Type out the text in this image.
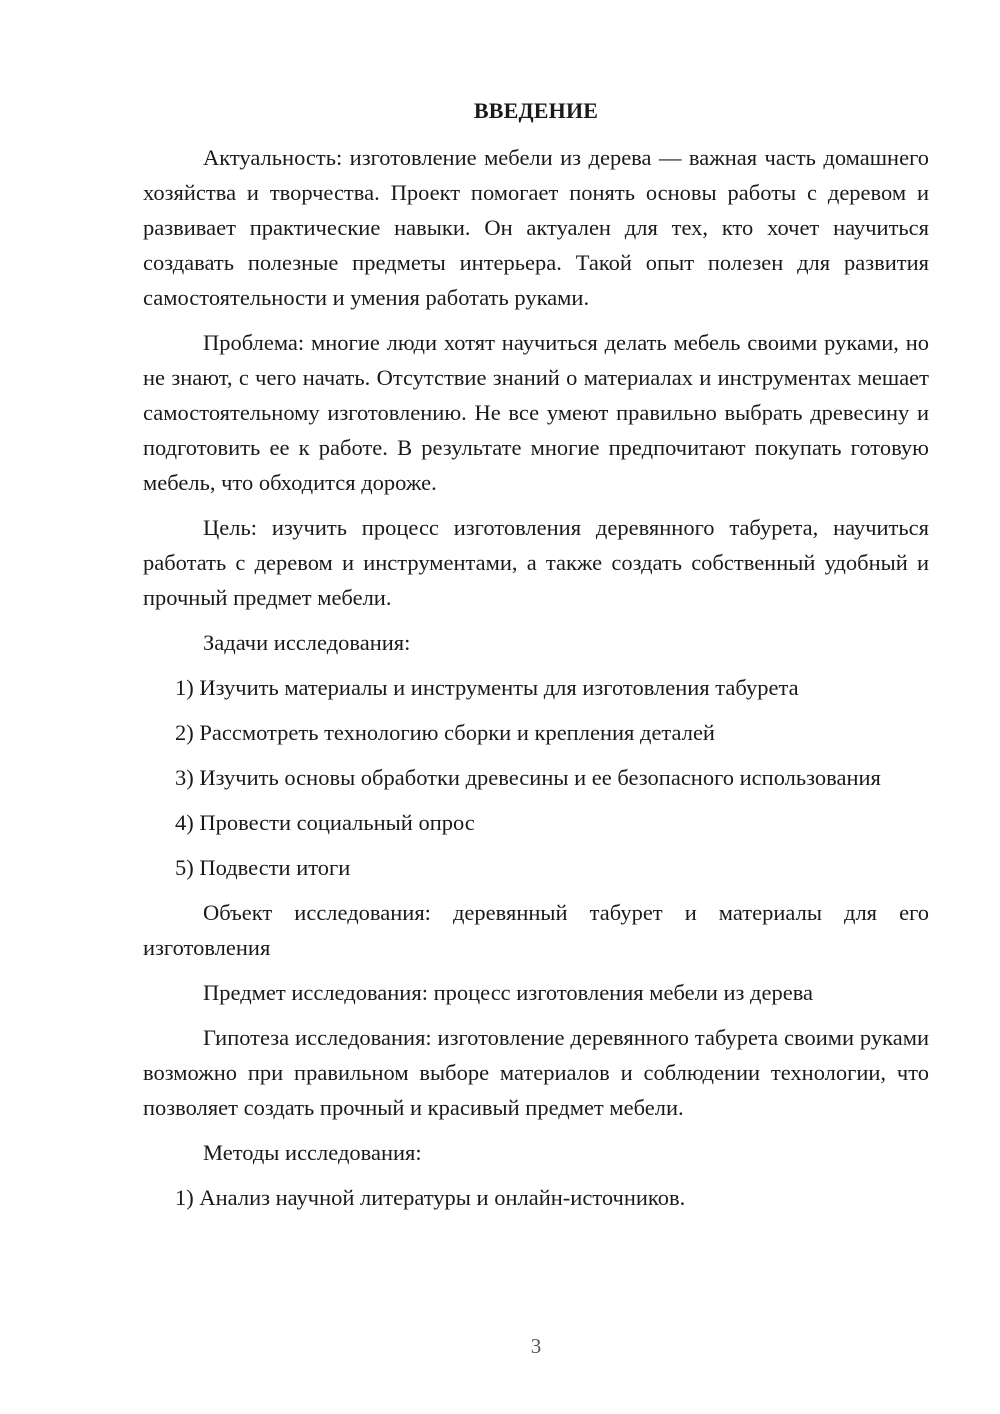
ВВЕДЕНИЕ

Актуальность: изготовление мебели из дерева — важная часть домашнего хозяйства и творчества. Проект помогает понять основы работы с деревом и развивает практические навыки. Он актуален для тех, кто хочет научиться создавать полезные предметы интерьера. Такой опыт полезен для развития самостоятельности и умения работать руками.

Проблема: многие люди хотят научиться делать мебель своими руками, но не знают, с чего начать. Отсутствие знаний о материалах и инструментах мешает самостоятельному изготовлению. Не все умеют правильно выбрать древесину и подготовить ее к работе. В результате многие предпочитают покупать готовую мебель, что обходится дороже.

Цель: изучить процесс изготовления деревянного табурета, научиться работать с деревом и инструментами, а также создать собственный удобный и прочный предмет мебели.

Задачи исследования:

1) Изучить материалы и инструменты для изготовления табурета

2) Рассмотреть технологию сборки и крепления деталей

3) Изучить основы обработки древесины и ее безопасного использования

4) Провести социальный опрос

5) Подвести итоги

Объект исследования: деревянный табурет и материалы для его изготовления

Предмет исследования: процесс изготовления мебели из дерева

Гипотеза исследования: изготовление деревянного табурета своими руками возможно при правильном выборе материалов и соблюдении технологии, что позволяет создать прочный и красивый предмет мебели.

Методы исследования:

1) Анализ научной литературы и онлайн-источников.

3
